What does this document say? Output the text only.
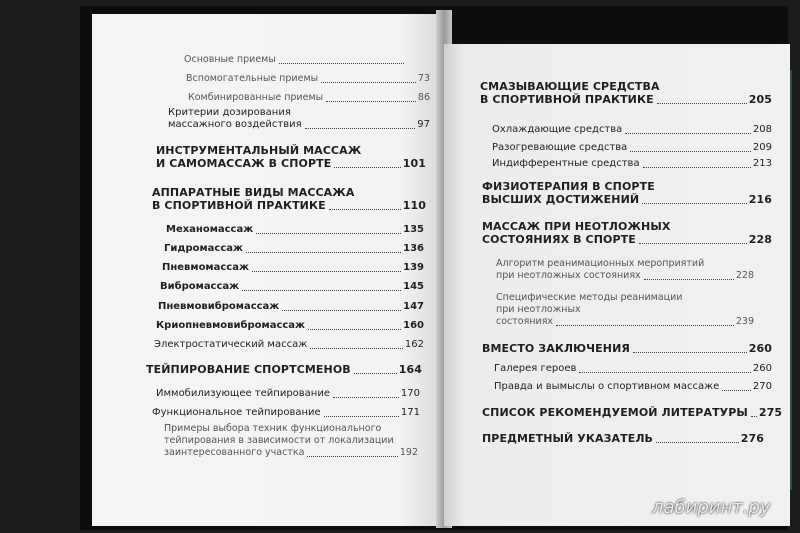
Основные приемы
Вспомогательные приемы	73
Комбинированные приемы	86
Критерии дозирования
массажного воздействия	97
ИНСТРУМЕНТАЛЬНЫЙ МАССАЖ
И САМОМАССАЖ В СПОРТЕ	101
АППАРАТНЫЕ ВИДЫ МАССАЖА
В СПОРТИВНОЙ ПРАКТИКЕ	110
Механомассаж	135
Гидромассаж	136
Пневмомассаж	139
Вибромассаж	145
Пневмовибромассаж	147
Криопневмовибромассаж	160
Электростатический массаж	162
ТЕЙПИРОВАНИЕ СПОРТСМЕНОВ	164
Иммобилизующее тейпирование	170
Функциональное тейпирование	171
Примеры выбора техник функционального
тейпирования в зависимости от локализации
заинтересованного участка	192
СМАЗЫВАЮЩИЕ СРЕДСТВА
В СПОРТИВНОЙ ПРАКТИКЕ	205
Охлаждающие средства	208
Разогревающие средства	209
Индифферентные средства	213
ФИЗИОТЕРАПИЯ В СПОРТЕ
ВЫСШИХ ДОСТИЖЕНИЙ	216
МАССАЖ ПРИ НЕОТЛОЖНЫХ
СОСТОЯНИЯХ В СПОРТЕ	228
Алгоритм реанимационных мероприятий
при неотложных состояниях	228
Специфические методы реанимации
при неотложных
состояниях	239
ВМЕСТО ЗАКЛЮЧЕНИЯ	260
Галерея героев	260
Правда и вымыслы о спортивном массаже	270
СПИСОК РЕКОМЕНДУЕМОЙ ЛИТЕРАТУРЫ 275
ПРЕДМЕТНЫЙ УКАЗАТЕЛЬ	276
лабиринт.ру
